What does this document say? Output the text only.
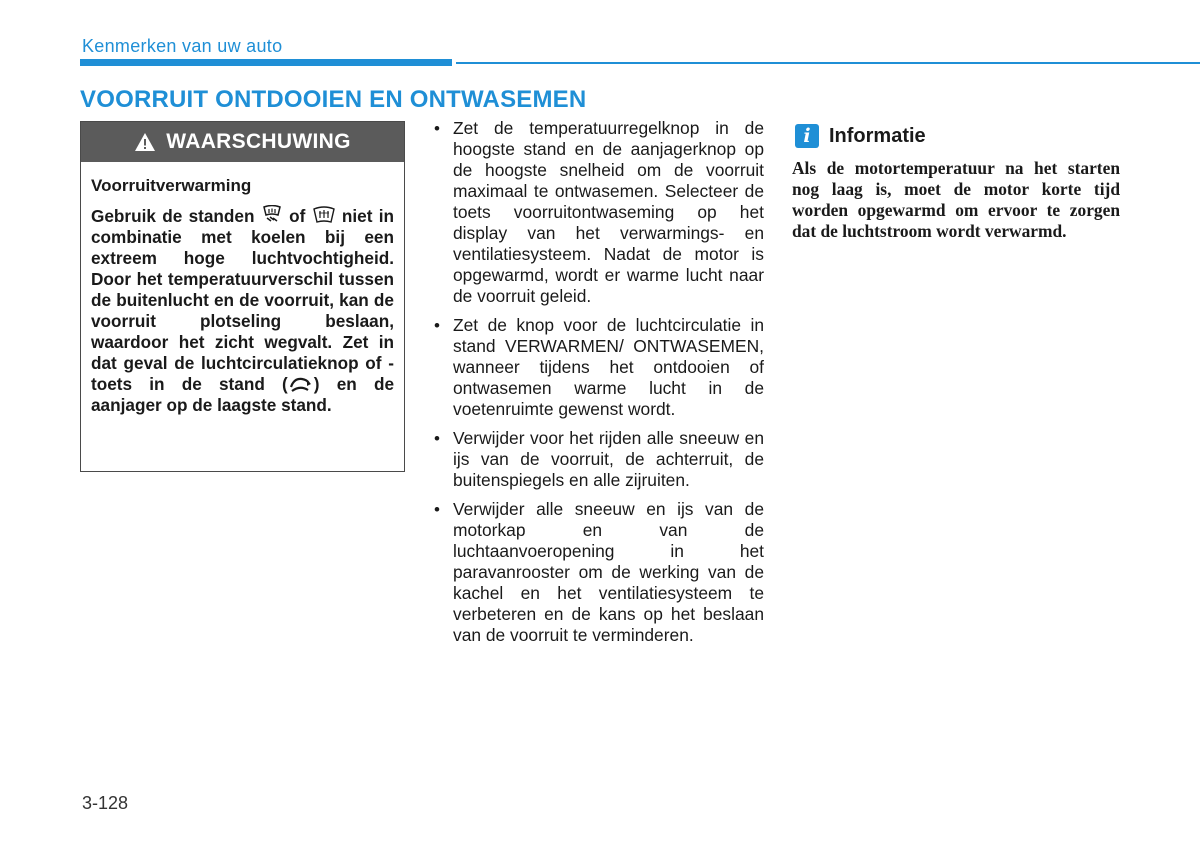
Kenmerken van uw auto
VOORRUIT ONTDOOIEN EN ONTWASEMEN
WAARSCHUWING
Voorruitverwarming
Gebruik de standen  of  niet in combinatie met koelen bij een extreem hoge luchtvochtigheid. Door het temperatuurverschil tussen de buitenlucht en de voorruit, kan de voorruit plotseling beslaan, waardoor het zicht wegvalt. Zet in dat geval de luchtcirculatieknop of -toets in de stand ( ) en de aanjager op de laagste stand.
• Zet de temperatuurregelknop in de hoogste stand en de aanjagerknop op de hoogste snelheid om de voorruit maximaal te ontwasemen. Selecteer de toets voorruitontwaseming op het display van het verwarmings- en ventilatiesysteem. Nadat de motor is opgewarmd, wordt er warme lucht naar de voorruit geleid.
• Zet de knop voor de luchtcirculatie in stand VERWARMEN/ ONTWASEMEN, wanneer tijdens het ontdooien of ontwasemen warme lucht in de voetenruimte gewenst wordt.
• Verwijder voor het rijden alle sneeuw en ijs van de voorruit, de achterruit, de buitenspiegels en alle zijruiten.
• Verwijder alle sneeuw en ijs van de motorkap en van de luchtaanvoeropening in het paravanrooster om de werking van de kachel en het ventilatiesysteem te verbeteren en de kans op het beslaan van de voorruit te verminderen.
i Informatie
Als de motortemperatuur na het starten nog laag is, moet de motor korte tijd worden opgewarmd om ervoor te zorgen dat de luchtstroom wordt verwarmd.
3-128
